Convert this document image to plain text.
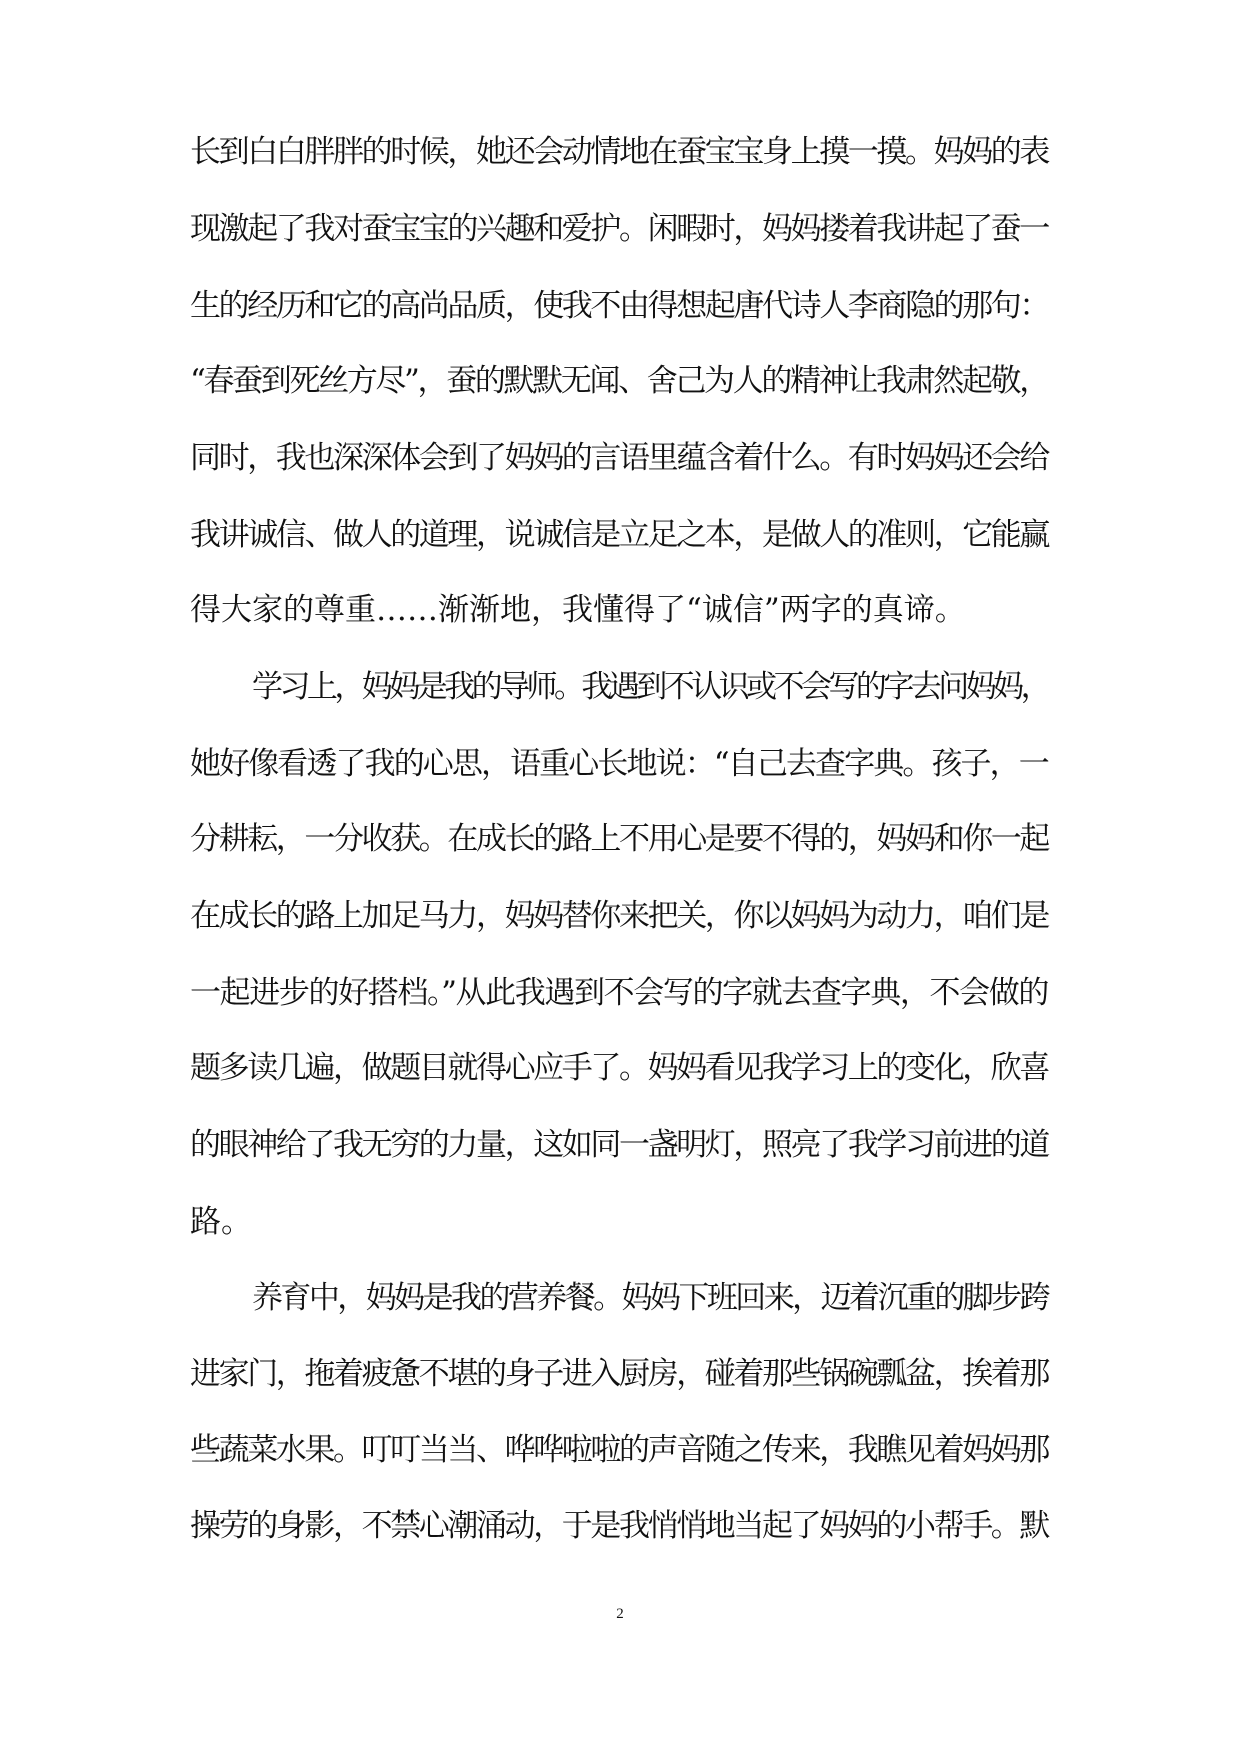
长到白白胖胖的时候，她还会动情地在蚕宝宝身上摸一摸。妈妈的表
现激起了我对蚕宝宝的兴趣和爱护。闲暇时，妈妈搂着我讲起了蚕一
生的经历和它的高尚品质，使我不由得想起唐代诗人李商隐的那句：
“春蚕到死丝方尽”，蚕的默默无闻、舍己为人的精神让我肃然起敬，
同时，我也深深体会到了妈妈的言语里蕴含着什么。有时妈妈还会给
我讲诚信、做人的道理，说诚信是立足之本，是做人的准则，它能赢
得大家的尊重……渐渐地，我懂得了“诚信”两字的真谛。
学习上，妈妈是我的导师。我遇到不认识或不会写的字去问妈妈，
她好像看透了我的心思，语重心长地说：“自己去查字典。孩子，一
分耕耘，一分收获。在成长的路上不用心是要不得的，妈妈和你一起
在成长的路上加足马力，妈妈替你来把关，你以妈妈为动力，咱们是
一起进步的好搭档。”从此我遇到不会写的字就去查字典，不会做的
题多读几遍，做题目就得心应手了。妈妈看见我学习上的变化，欣喜
的眼神给了我无穷的力量，这如同一盏明灯，照亮了我学习前进的道
路。
养育中，妈妈是我的营养餐。妈妈下班回来，迈着沉重的脚步跨
进家门，拖着疲惫不堪的身子进入厨房，碰着那些锅碗瓢盆，挨着那
些蔬菜水果。叮叮当当、哗哗啦啦的声音随之传来，我瞧见着妈妈那
操劳的身影，不禁心潮涌动，于是我悄悄地当起了妈妈的小帮手。默
2
